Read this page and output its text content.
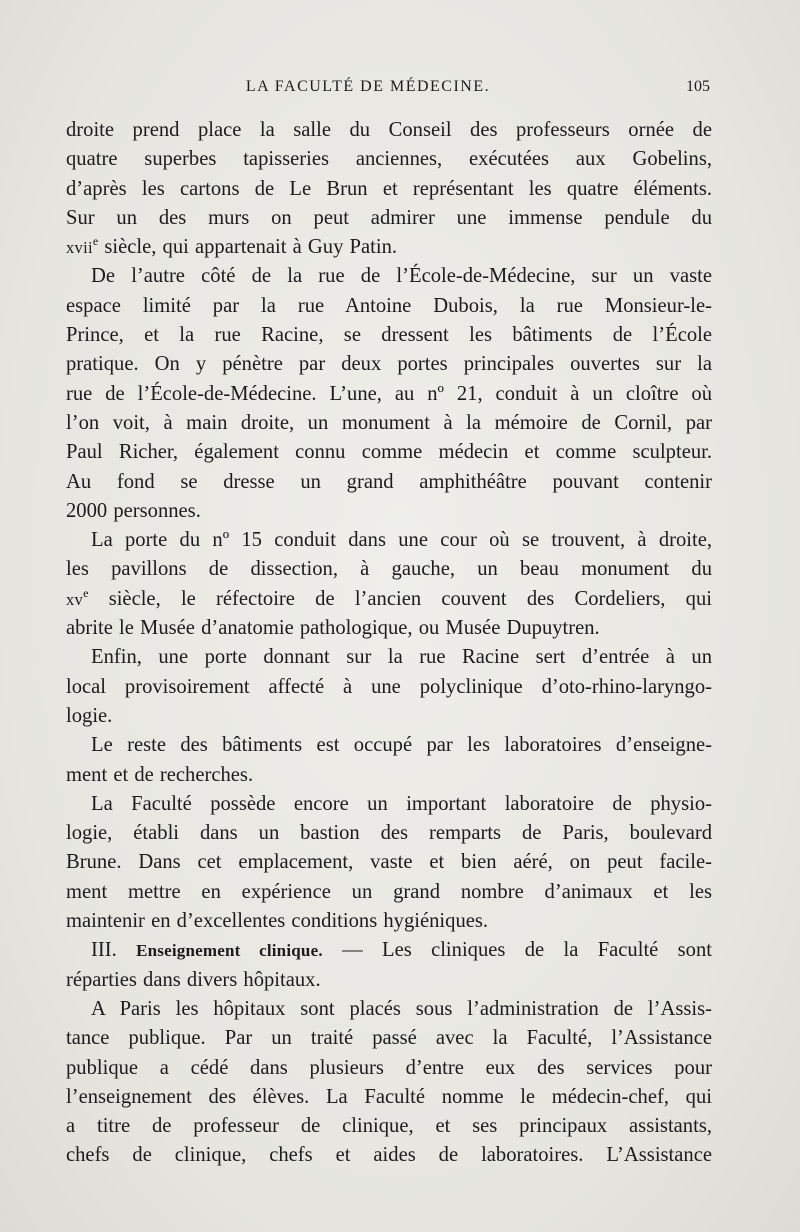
LA FACULTÉ DE MÉDECINE.	105
droite prend place la salle du Conseil des professeurs ornée de
quatre superbes tapisseries anciennes, exécutées aux Gobelins,
d’après les cartons de Le Brun et représentant les quatre éléments.
Sur un des murs on peut admirer une immense pendule du
xvii$^e$ siècle, qui appartenait à Guy Patin.
De l’autre côté de la rue de l’École-de-Médecine, sur un vaste
espace limité par la rue Antoine Dubois, la rue Monsieur-le-
Prince, et la rue Racine, se dressent les bâtiments de l’École
pratique. On y pénètre par deux portes principales ouvertes sur la
rue de l’École-de-Médecine. L’une, au nº 21, conduit à un cloître où
l’on voit, à main droite, un monument à la mémoire de Cornil, par
Paul Richer, également connu comme médecin et comme sculpteur.
Au fond se dresse un grand amphithéâtre pouvant contenir
2000 personnes.
La porte du nº 15 conduit dans une cour où se trouvent, à droite,
les pavillons de dissection, à gauche, un beau monument du
$xv^e$ siècle, le réfectoire de l’ancien couvent des Cordeliers, qui
abrite le Musée d’anatomie pathologique, ou Musée Dupuytren.
Enfin, une porte donnant sur la rue Racine sert d’entrée à un
local provisoirement affecté à une polyclinique d’oto-rhino-laryngo-
logie.
Le reste des bâtiments est occupé par les laboratoires d’enseigne-
ment et de recherches.
La Faculté possède encore un important laboratoire de physio-
logie, établi dans un bastion des remparts de Paris, boulevard
Brune. Dans cet emplacement, vaste et bien aéré, on peut facile-
ment mettre en expérience un grand nombre d’animaux et les
maintenir en d’excellentes conditions hygiéniques.
III. Enseignement clinique. — Les cliniques de la Faculté sont
réparties dans divers hôpitaux.
A Paris les hôpitaux sont placés sous l’administration de l’Assis-
tance publique. Par un traité passé avec la Faculté, l’Assistance
publique a cédé dans plusieurs d’entre eux des services pour
l’enseignement des élèves. La Faculté nomme le médecin-chef, qui
a titre de professeur de clinique, et ses principaux assistants,
chefs de clinique, chefs et aides de laboratoires. L’Assistance
